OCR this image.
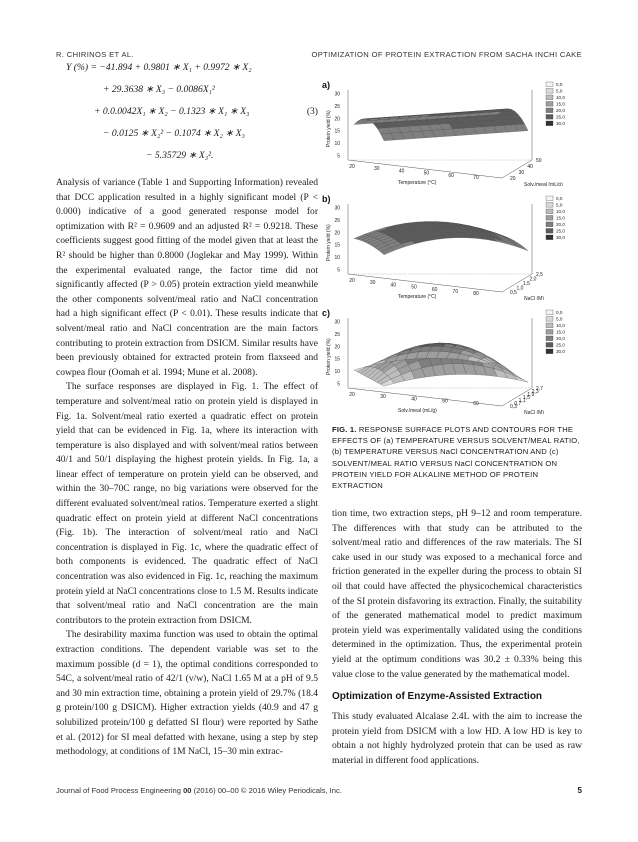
R. CHIRINOS ET AL.	OPTIMIZATION OF PROTEIN EXTRACTION FROM SACHA INCHI CAKE
Y (%) = −41.894 + 0.9801 ∗ X₁ + 0.9972 ∗ X₂
+ 29.3638 ∗ X₃ − 0.0086X₁²
+ 0.0.0042X₁ ∗ X₂ − 0.1323 ∗ X₁ ∗ X₃	(3)
− 0.0125 ∗ X₂² − 0.1074 ∗ X₂ ∗ X₃
− 5.35729 ∗ X₃².

Analysis of variance (Table 1 and Supporting Information) revealed that DCC application resulted in a highly significant model (P < 0.000) indicative of a good generated response model for optimization with R² = 0.9609 and an adjusted R² = 0.9218. These coefficients suggest good fitting of the model given that at least the R² should be higher than 0.8000 (Joglekar and May 1999). Within the experimental evaluated range, the factor time did not significantly affected (P > 0.05) protein extraction yield meanwhile the other components solvent/meal ratio and NaCl concentration had a high significant effect (P < 0.01). These results indicate that solvent/meal ratio and NaCl concentration are the main factors contributing to protein extraction from DSICM. Similar results have been previously obtained for extracted protein from flaxseed and cowpea flour (Oomah et al. 1994; Mune et al. 2008).

The surface responses are displayed in Fig. 1. The effect of temperature and solvent/meal ratio on protein yield is displayed in Fig. 1a. Solvent/meal ratio exerted a quadratic effect on protein yield that can be evidenced in Fig. 1a, where its interaction with temperature is also displayed and with solvent/meal ratios between 40/1 and 50/1 displaying the highest protein yields. In Fig. 1a, a linear effect of temperature on protein yield can be observed, and within the 30–70C range, no big variations were observed for the different evaluated solvent/meal ratios. Temperature exerted a slight quadratic effect on protein yield at different NaCl concentrations (Fig. 1b). The interaction of solvent/meal ratio and NaCl concentration is displayed in Fig. 1c, where the quadratic effect of both components is evidenced. The quadratic effect of NaCl concentration was also evidenced in Fig. 1c, reaching the maximum protein yield at NaCl concentrations close to 1.5 M. Results indicate that solvent/meal ratio and NaCl concentration are the main contributors to the protein extraction from DSICM.

The desirability maxima function was used to obtain the optimal extraction conditions. The dependent variable was set to the maximum possible (d = 1), the optimal conditions corresponded to 54C, a solvent/meal ratio of 42/1 (v/w), NaCl 1.65 M at a pH of 9.5 and 30 min extraction time, obtaining a protein yield of 29.7% (18.4 g protein/100 g DSICM). Higher extraction yields (40.9 and 47 g solubilized protein/100 g defatted SI flour) were reported by Sathe et al. (2012) for SI meal defatted with hexane, using a step by step methodology, at conditions of 1M NaCl, 15–30 min extrac-

a)
Protein yield (%)
30
25
20
15
10
5
20	30	40	50	60	70
Temperature (°C)
20
30
40
50
Solv./meal (mL/g)
0,0
5,0
10,0
15,0
20,0
25,0
30,0
b)
Protein yield (%)
30
25
20
15
10
5
20	30	40	50	60	70	80
Temperature (°C)
0,5
1,0
1,5
2,0
2,5
NaCl (M)
0,0
5,0
10,0
15,0
20,0
25,0
30,0
c)
Protein yield (%)
30
25
20
15
10
5
20	30	40	50	60
Solv./meal (mL/g)
0,3
0,7
1,1
1,5
1,9
2,3
2,7
NaCl (M)
0,0
5,0
10,0
15,0
20,0
25,0
30,0
FIG. 1. RESPONSE SURFACE PLOTS AND CONTOURS FOR THE EFFECTS OF (a) TEMPERATURE VERSUS SOLVENT/MEAL RATIO, (b) TEMPERATURE VERSUS NaCl CONCENTRATION AND (c) SOLVENT/MEAL RATIO VERSUS NaCl CONCENTRATION ON PROTEIN YIELD FOR ALKALINE METHOD OF PROTEIN EXTRACTION

tion time, two extraction steps, pH 9–12 and room temperature. The differences with that study can be attributed to the solvent/meal ratio and differences of the raw materials. The SI cake used in our study was exposed to a mechanical force and friction generated in the expeller during the process to obtain SI oil that could have affected the physicochemical characteristics of the SI protein disfavoring its extraction. Finally, the suitability of the generated mathematical model to predict maximum protein yield was experimentally validated using the conditions determined in the optimization. Thus, the experimental protein yield at the optimum conditions was 30.2 ± 0.33% being this value close to the value generated by the mathematical model.

Optimization of Enzyme-Assisted Extraction

This study evaluated Alcalase 2.4L with the aim to increase the protein yield from DSICM with a low HD. A low HD is key to obtain a not highly hydrolyzed protein that can be used as raw material in different food applications.

Journal of Food Process Engineering 00 (2016) 00–00 © 2016 Wiley Periodicals, Inc.	5
